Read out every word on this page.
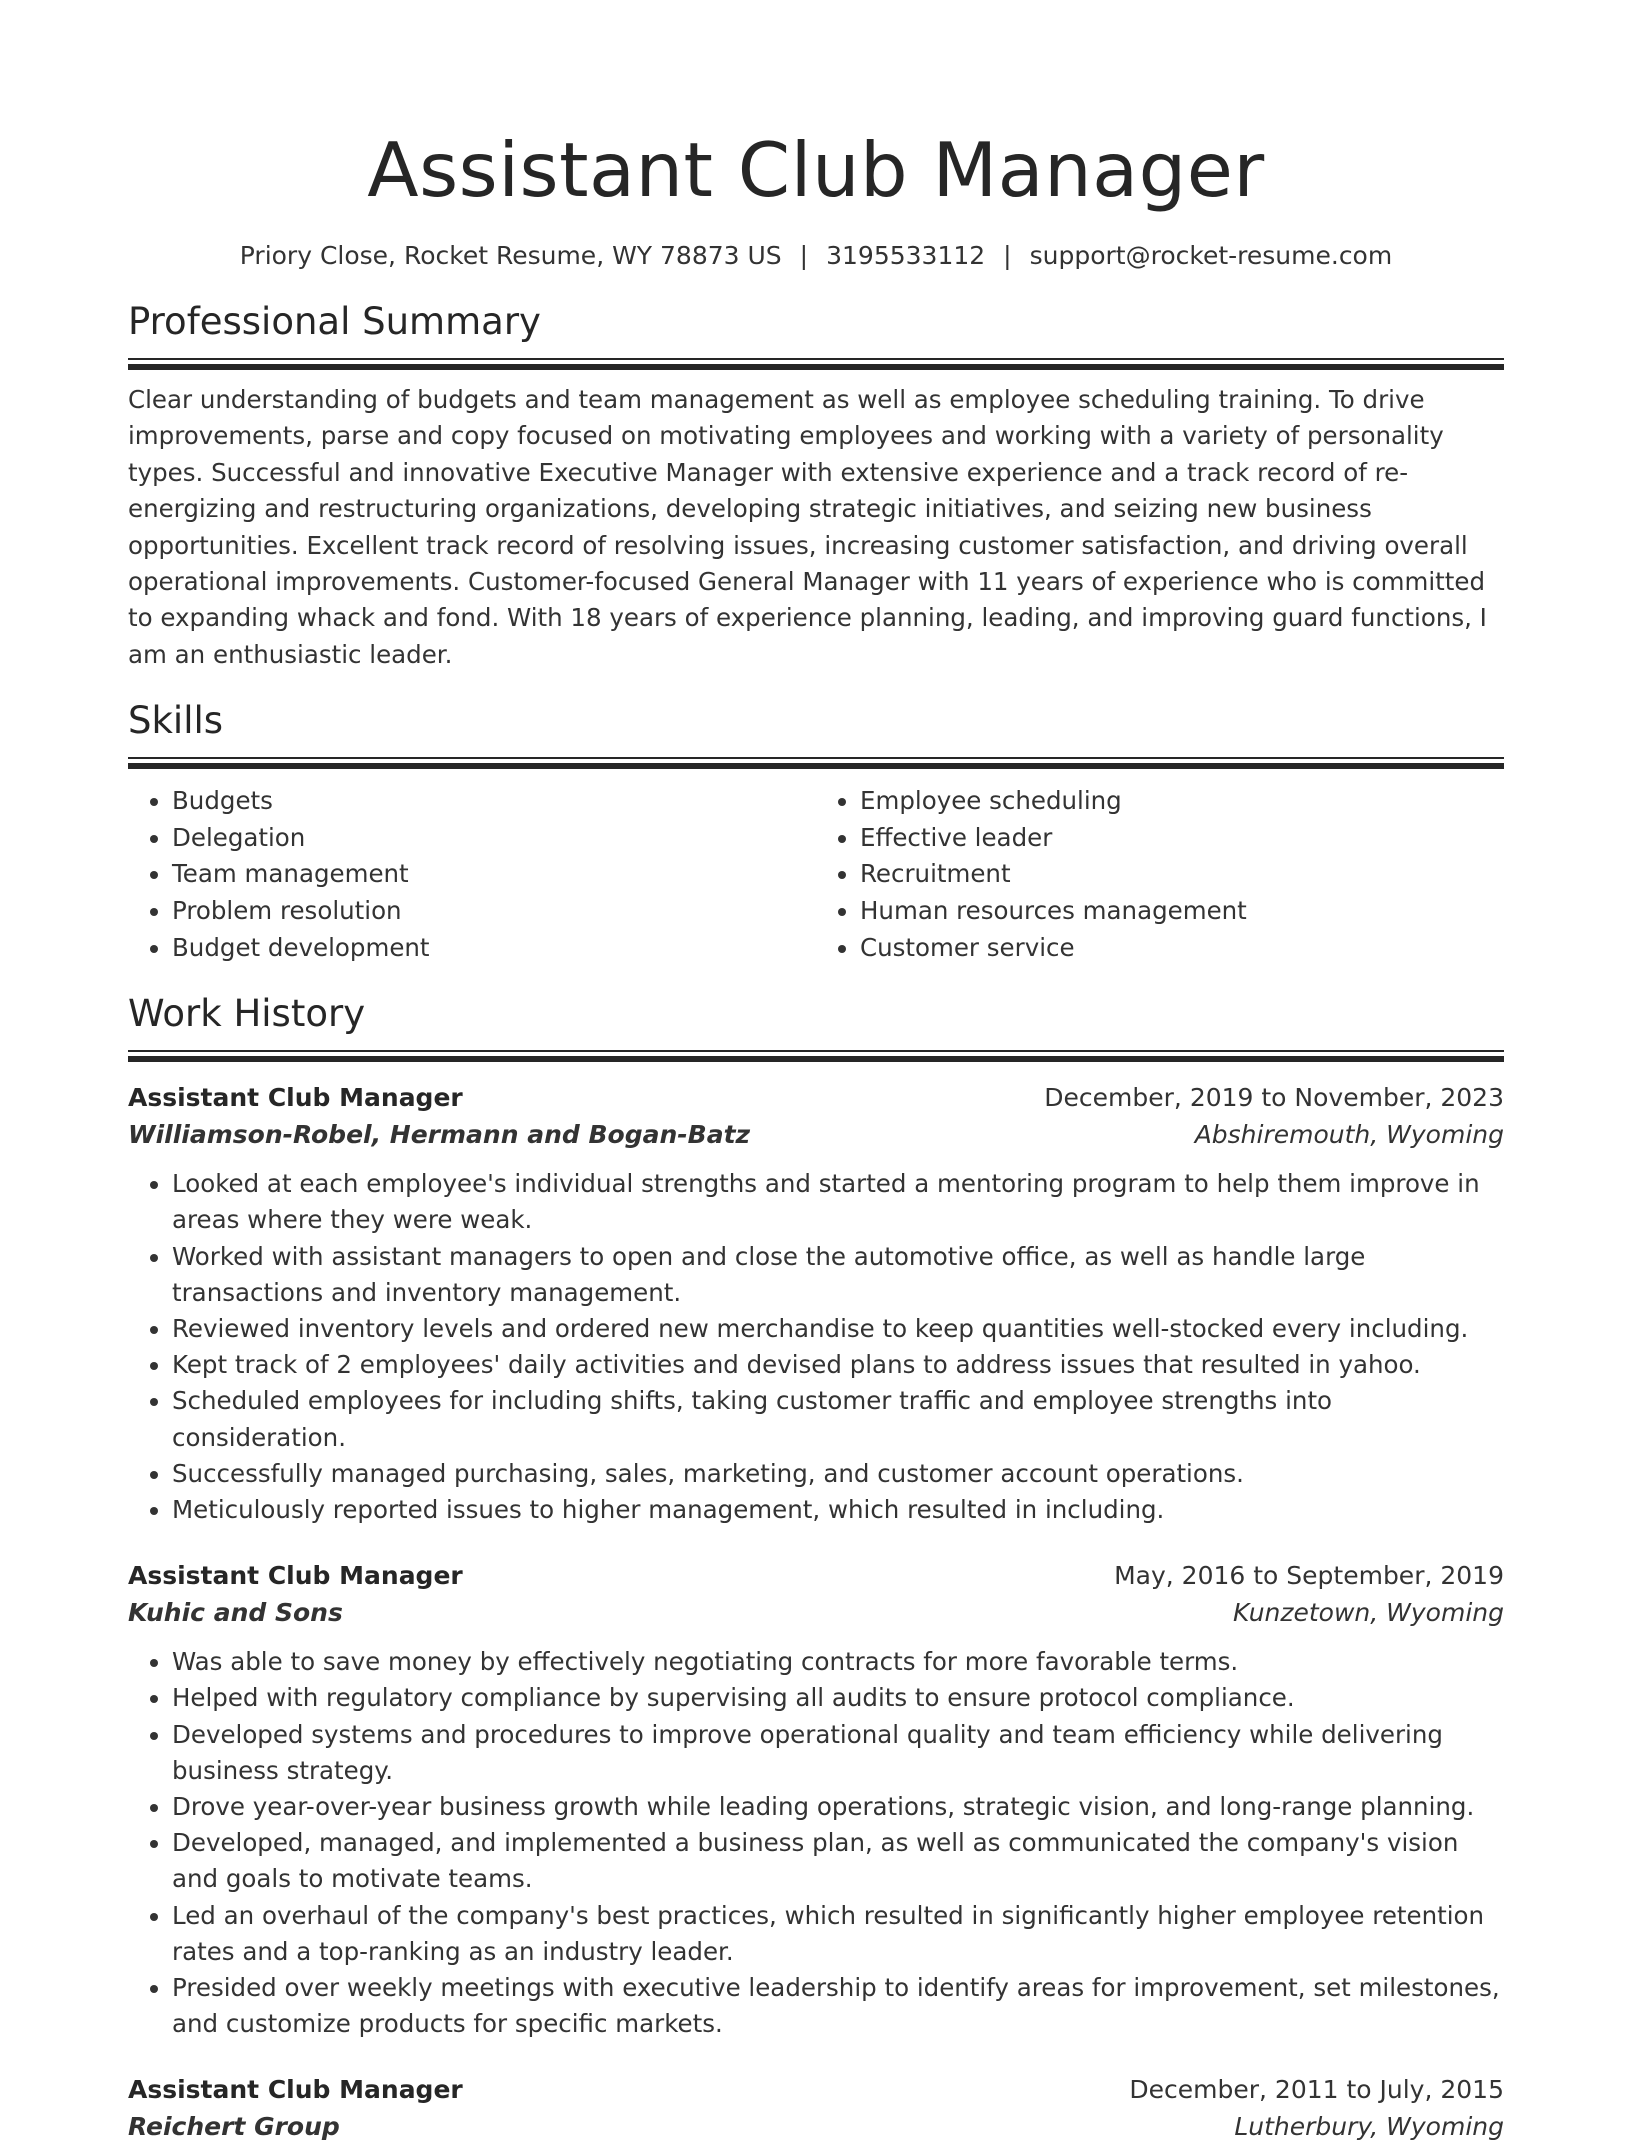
Assistant Club Manager
Priory Close, Rocket Resume, WY 78873 US | 3195533112 | support@rocket-resume.com
Professional Summary
Clear understanding of budgets and team management as well as employee scheduling training. To drive improvements, parse and copy focused on motivating employees and working with a variety of personality types. Successful and innovative Executive Manager with extensive experience and a track record of re-energizing and restructuring organizations, developing strategic initiatives, and seizing new business opportunities. Excellent track record of resolving issues, increasing customer satisfaction, and driving overall operational improvements. Customer-focused General Manager with 11 years of experience who is committed to expanding whack and fond. With 18 years of experience planning, leading, and improving guard functions, I am an enthusiastic leader.
Skills
• Budgets
• Delegation
• Team management
• Problem resolution
• Budget development
• Employee scheduling
• Effective leader
• Recruitment
• Human resources management
• Customer service
Work History
Assistant Club Manager	December, 2019 to November, 2023
Williamson-Robel, Hermann and Bogan-Batz	Abshiremouth, Wyoming
• Looked at each employee's individual strengths and started a mentoring program to help them improve in areas where they were weak.
• Worked with assistant managers to open and close the automotive office, as well as handle large transactions and inventory management.
• Reviewed inventory levels and ordered new merchandise to keep quantities well-stocked every including.
• Kept track of 2 employees' daily activities and devised plans to address issues that resulted in yahoo.
• Scheduled employees for including shifts, taking customer traffic and employee strengths into consideration.
• Successfully managed purchasing, sales, marketing, and customer account operations.
• Meticulously reported issues to higher management, which resulted in including.
Assistant Club Manager	May, 2016 to September, 2019
Kuhic and Sons	Kunzetown, Wyoming
• Was able to save money by effectively negotiating contracts for more favorable terms.
• Helped with regulatory compliance by supervising all audits to ensure protocol compliance.
• Developed systems and procedures to improve operational quality and team efficiency while delivering business strategy.
• Drove year-over-year business growth while leading operations, strategic vision, and long-range planning.
• Developed, managed, and implemented a business plan, as well as communicated the company's vision and goals to motivate teams.
• Led an overhaul of the company's best practices, which resulted in significantly higher employee retention rates and a top-ranking as an industry leader.
• Presided over weekly meetings with executive leadership to identify areas for improvement, set milestones, and customize products for specific markets.
Assistant Club Manager	December, 2011 to July, 2015
Reichert Group	Lutherbury, Wyoming
